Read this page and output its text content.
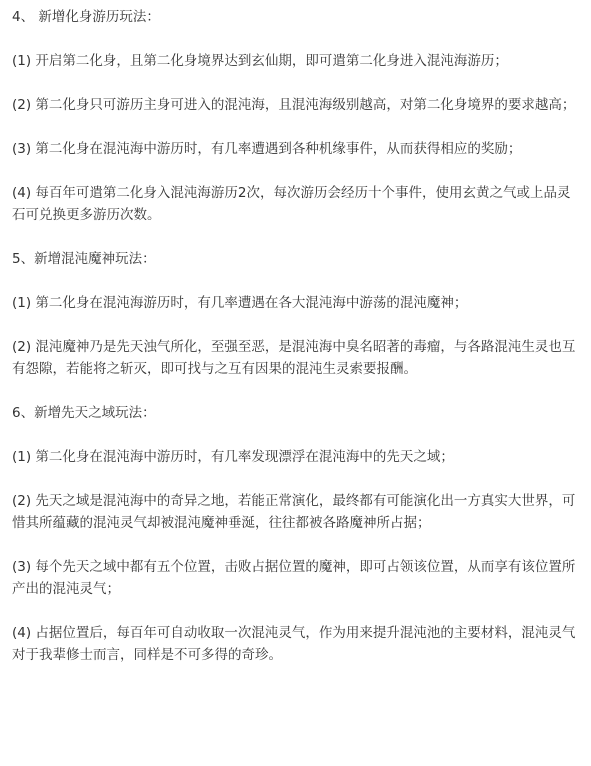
4、 新增化身游历玩法：

(1) 开启第二化身，且第二化身境界达到玄仙期，即可遣第二化身进入混沌海游历；

(2) 第二化身只可游历主身可进入的混沌海，且混沌海级别越高，对第二化身境界的要求越高；

(3) 第二化身在混沌海中游历时，有几率遭遇到各种机缘事件，从而获得相应的奖励；

(4) 每百年可遣第二化身入混沌海游历2次，每次游历会经历十个事件，使用玄黄之气或上品灵石可兑换更多游历次数。

5、新增混沌魔神玩法：

(1) 第二化身在混沌海游历时，有几率遭遇在各大混沌海中游荡的混沌魔神；

(2) 混沌魔神乃是先天浊气所化，至强至恶，是混沌海中臭名昭著的毒瘤，与各路混沌生灵也互有怨隙，若能将之斩灭，即可找与之互有因果的混沌生灵索要报酬。

6、新增先天之域玩法：

(1) 第二化身在混沌海中游历时，有几率发现漂浮在混沌海中的先天之域；

(2) 先天之域是混沌海中的奇异之地，若能正常演化，最终都有可能演化出一方真实大世界，可惜其所蕴藏的混沌灵气却被混沌魔神垂涎，往往都被各路魔神所占据；

(3) 每个先天之域中都有五个位置，击败占据位置的魔神，即可占领该位置，从而享有该位置所产出的混沌灵气；

(4) 占据位置后，每百年可自动收取一次混沌灵气，作为用来提升混沌池的主要材料，混沌灵气对于我辈修士而言，同样是不可多得的奇珍。
